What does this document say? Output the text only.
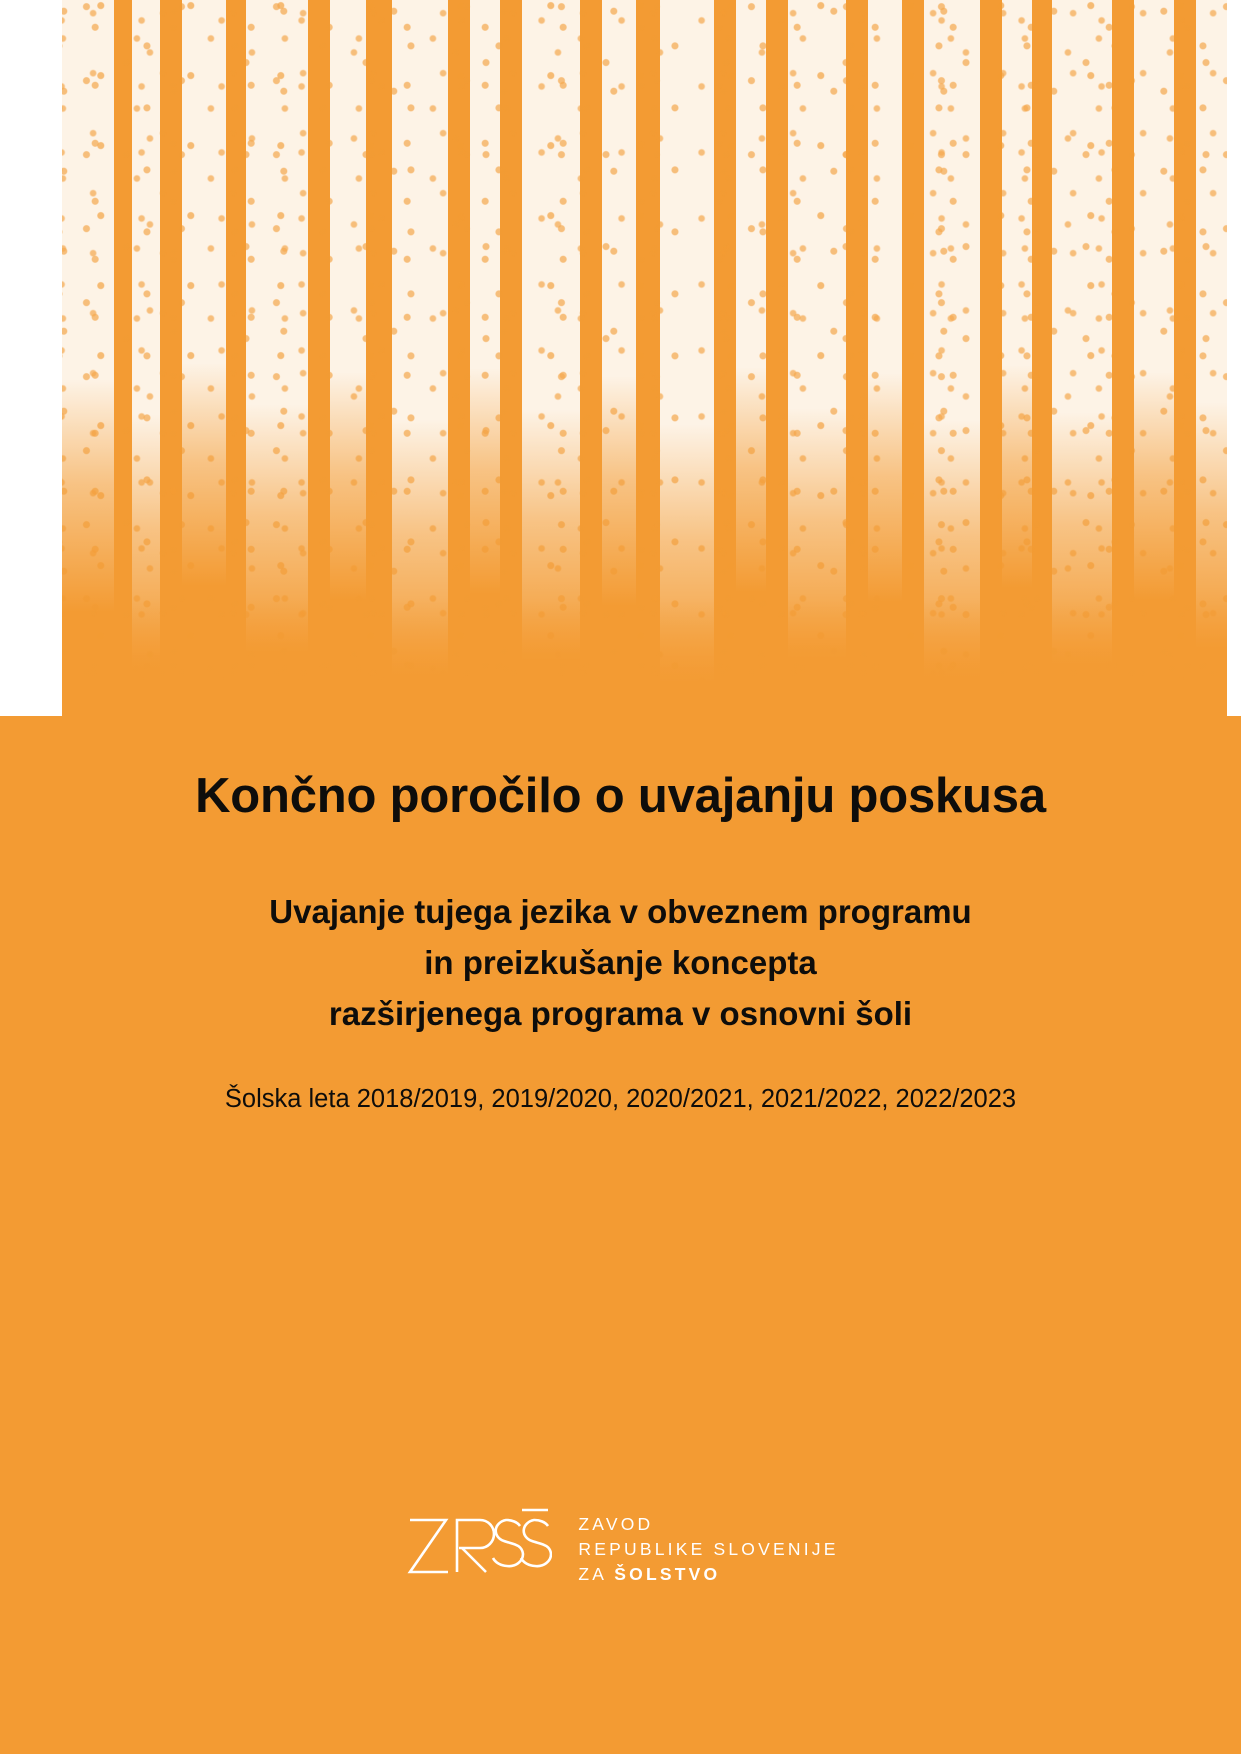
Končno poročilo o uvajanju poskusa
Uvajanje tujega jezika v obveznem programu
in preizkušanje koncepta
razširjenega programa v osnovni šoli

Šolska leta 2018/2019, 2019/2020, 2020/2021, 2021/2022, 2022/2023

ZAVOD
REPUBLIKE SLOVENIJE
ZA ŠOLSTVO
